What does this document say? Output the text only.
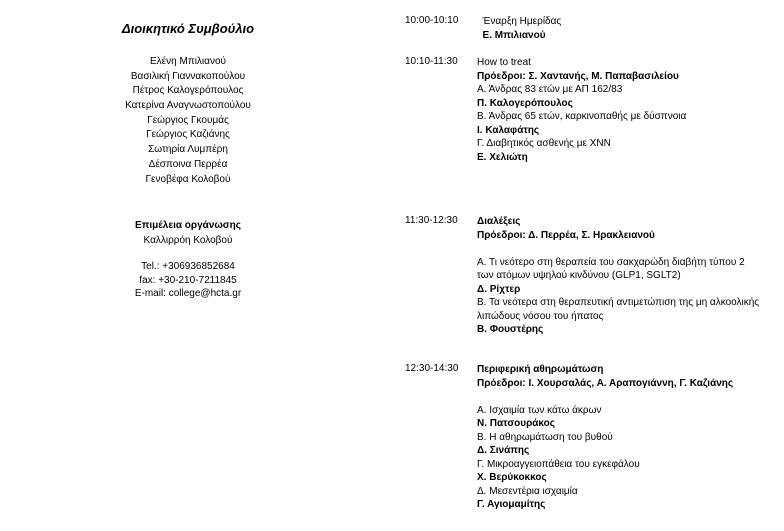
Διοικητικό Συμβούλιο
Ελένη Μπιλιανού
Βασιλική Γιαννακοπούλου
Πέτρος Καλογερόπουλος
Κατερίνα Αναγνωστοπούλου
Γεώργιος Γκουμάς
Γεώργιος Καζιάνης
Σωτηρία Λυμπέρη
Δέσποινα Περρέα
Γενοβέφα Κολοβού
Επιμέλεια οργάνωσης
Καλλιρρόη Κολοβού
Tel.: +306936852684
fax: +30-210-7211845
E-mail: college@hcta.gr
10:00-10:10 Έναρξη Ημερίδας
Ε. Μπιλιανού
10:10-11:30 How to treat
Πρόεδροι: Σ. Χαντανής, Μ. Παπαβασιλείου
Α. Άνδρας 83 ετών με ΑΠ 162/83
Π. Καλογερόπουλος
Β. Άνδρας 65 ετών, καρκινοπαθής με δύσπνοια
Ι. Καλαφάτης
Γ. Διαβητικός ασθενής με ΧΝΝ
Ε. Χελιώτη
11:30-12:30 Διαλέξεις
Πρόεδροι: Δ. Περρέα, Σ. Ηρακλειανού
Α. Τι νεότερο στη θεραπεία του σακχαρώδη διαβήτη τύπου 2
των ατόμων υψηλού κινδύνου (GLP1, SGLT2)
Δ. Ρίχτερ
Β. Τα νεότερα στη θεραπευτική αντιμετώπιση της μη αλκοολικής
λιπώδους νόσου του ήπατος
Β. Φουστέρης
12:30-14:30 Περιφερική αθηρωμάτωση
Πρόεδροι: Ι. Χουρσαλάς, Α. Αραπογιάννη, Γ. Καζιάνης
Α. Ισχαιμία των κάτω άκρων
Ν. Πατσουράκος
Β. Η αθηρωμάτωση του βυθού
Δ. Σινάπης
Γ. Μικροαγγειοπάθεια του εγκεφάλου
Χ. Βερύκοκκος
Δ. Μεσεντέρια ισχαιμία
Γ. Αγιομαμίτης
